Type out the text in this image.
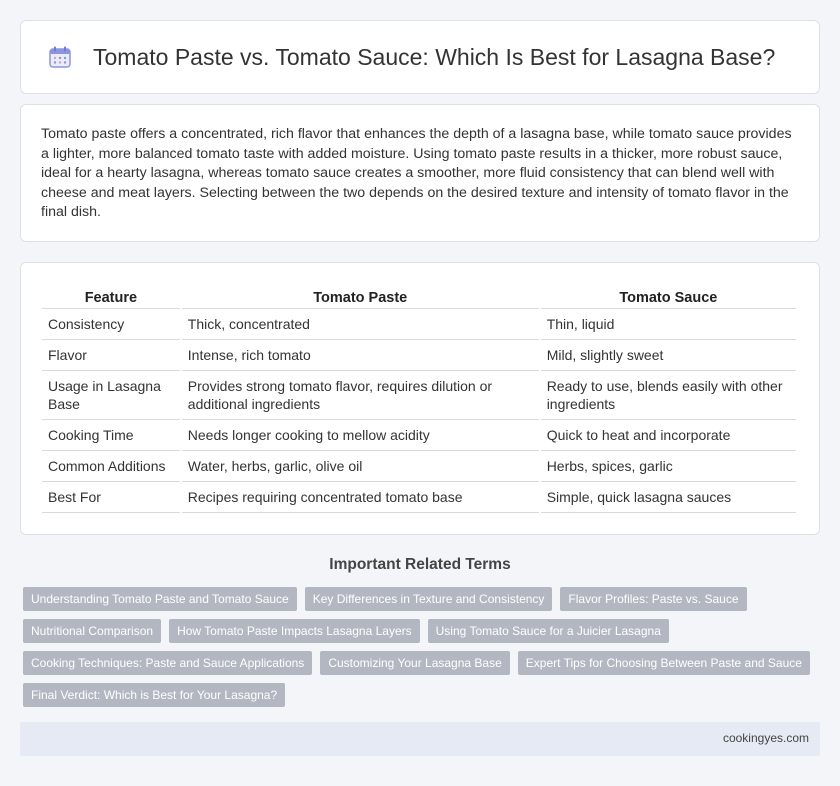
Tomato Paste vs. Tomato Sauce: Which Is Best for Lasagna Base?

Tomato paste offers a concentrated, rich flavor that enhances the depth of a lasagna base, while tomato sauce provides a lighter, more balanced tomato taste with added moisture. Using tomato paste results in a thicker, more robust sauce, ideal for a hearty lasagna, whereas tomato sauce creates a smoother, more fluid consistency that can blend well with cheese and meat layers. Selecting between the two depends on the desired texture and intensity of tomato flavor in the final dish.

Feature	Tomato Paste	Tomato Sauce
Consistency	Thick, concentrated	Thin, liquid
Flavor	Intense, rich tomato	Mild, slightly sweet
Usage in Lasagna Base	Provides strong tomato flavor, requires dilution or additional ingredients	Ready to use, blends easily with other ingredients
Cooking Time	Needs longer cooking to mellow acidity	Quick to heat and incorporate
Common Additions	Water, herbs, garlic, olive oil	Herbs, spices, garlic
Best For	Recipes requiring concentrated tomato base	Simple, quick lasagna sauces
Important Related Terms
Understanding Tomato Paste and Tomato Sauce	Key Differences in Texture and Consistency	Flavor Profiles: Paste vs. Sauce
Nutritional Comparison	How Tomato Paste Impacts Lasagna Layers	Using Tomato Sauce for a Juicier Lasagna
Cooking Techniques: Paste and Sauce Applications	Customizing Your Lasagna Base	Expert Tips for Choosing Between Paste and Sauce
Final Verdict: Which is Best for Your Lasagna?
cookingyes.com
